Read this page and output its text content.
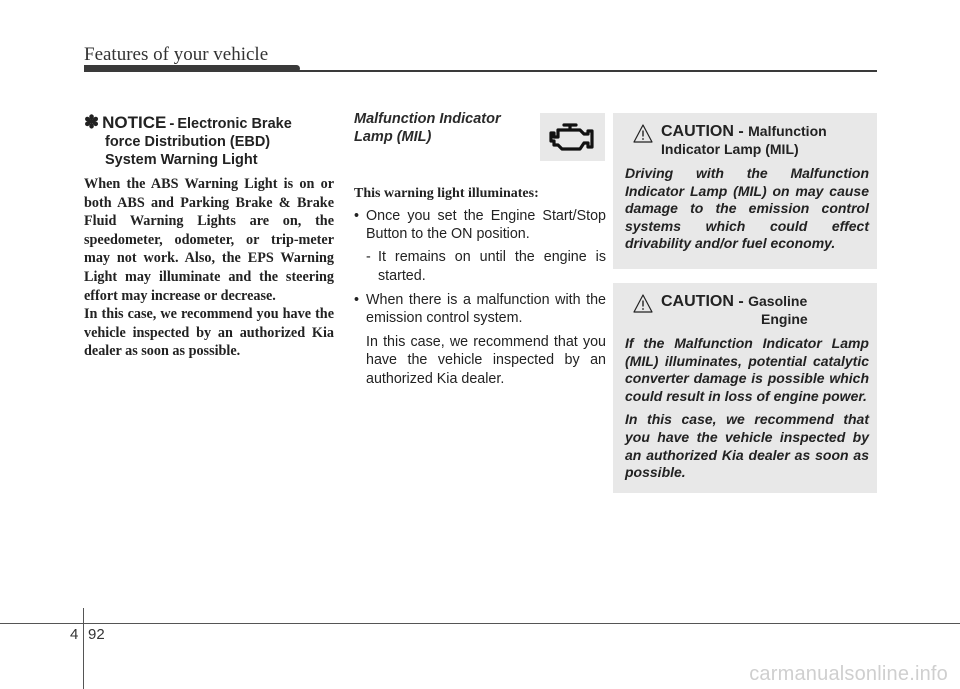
Features of your vehicle
✽ NOTICE - Electronic Brake
force Distribution (EBD)
System Warning Light
When the ABS Warning Light is on or both ABS and Parking Brake & Brake Fluid Warning Lights are on, the speedometer, odometer, or trip-meter may not work. Also, the EPS Warning Light may illuminate and the steering effort may increase or decrease.
In this case, we recommend you have the vehicle inspected by an authorized Kia dealer as soon as possible.
Malfunction Indicator
Lamp (MIL)
This warning light illuminates:
• Once you set the Engine Start/Stop Button to the ON position.
- It remains on until the engine is started.
• When there is a malfunction with the emission control system.
In this case, we recommend that you have the vehicle inspected by an authorized Kia dealer.
CAUTION - Malfunction
Indicator Lamp (MIL)

Driving with the Malfunction Indicator Lamp (MIL) on may cause damage to the emission control systems which could effect drivability and/or fuel economy.

CAUTION - Gasoline
Engine

If the Malfunction Indicator Lamp (MIL) illuminates, potential catalytic converter damage is possible which could result in loss of engine power.

In this case, we recommend that you have the vehicle inspected by an authorized Kia dealer as soon as possible.

4 92
carmanualsonline.info
